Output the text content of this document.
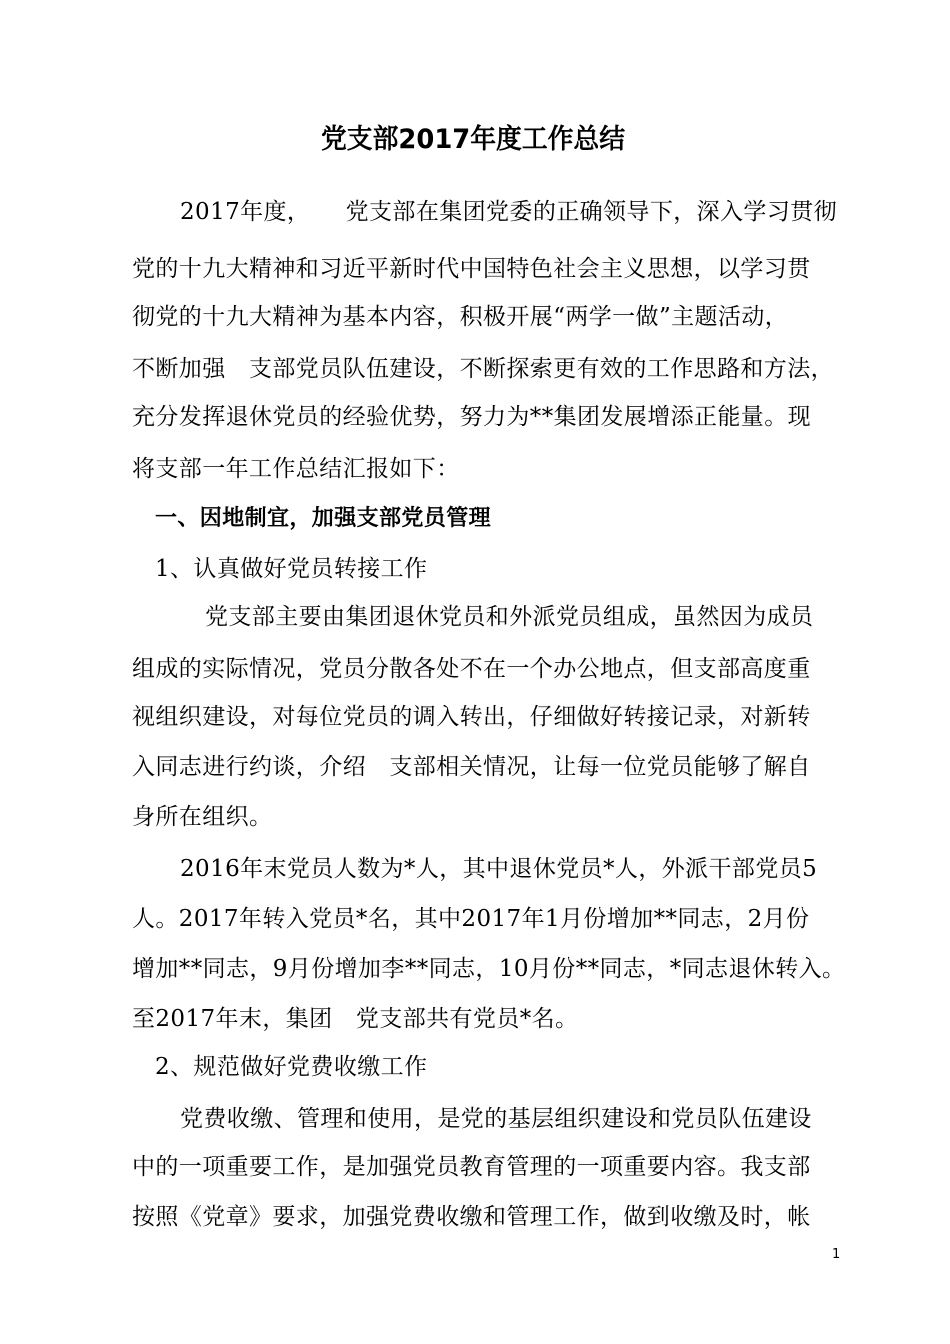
党支部2017年度工作总结
2017年度，　　党支部在集团党委的正确领导下，深入学习贯彻
党的十九大精神和习近平新时代中国特色社会主义思想，以学习贯
彻党的十九大精神为基本内容，积极开展“两学一做”主题活动，
不断加强　支部党员队伍建设，不断探索更有效的工作思路和方法，
充分发挥退休党员的经验优势，努力为**集团发展增添正能量。现
将支部一年工作总结汇报如下：
一、因地制宜，加强支部党员管理
1、认真做好党员转接工作
党支部主要由集团退休党员和外派党员组成，虽然因为成员
组成的实际情况，党员分散各处不在一个办公地点，但支部高度重
视组织建设，对每位党员的调入转出，仔细做好转接记录，对新转
入同志进行约谈，介绍　支部相关情况，让每一位党员能够了解自
身所在组织。
2016年末党员人数为*人，其中退休党员*人，外派干部党员5
人。2017年转入党员*名，其中2017年1月份增加**同志，2月份
增加**同志，9月份增加李**同志，10月份**同志，*同志退休转入。
至2017年末，集团　党支部共有党员*名。
2、规范做好党费收缴工作
党费收缴、管理和使用，是党的基层组织建设和党员队伍建设
中的一项重要工作，是加强党员教育管理的一项重要内容。我支部
按照《党章》要求，加强党费收缴和管理工作，做到收缴及时，帐
1
